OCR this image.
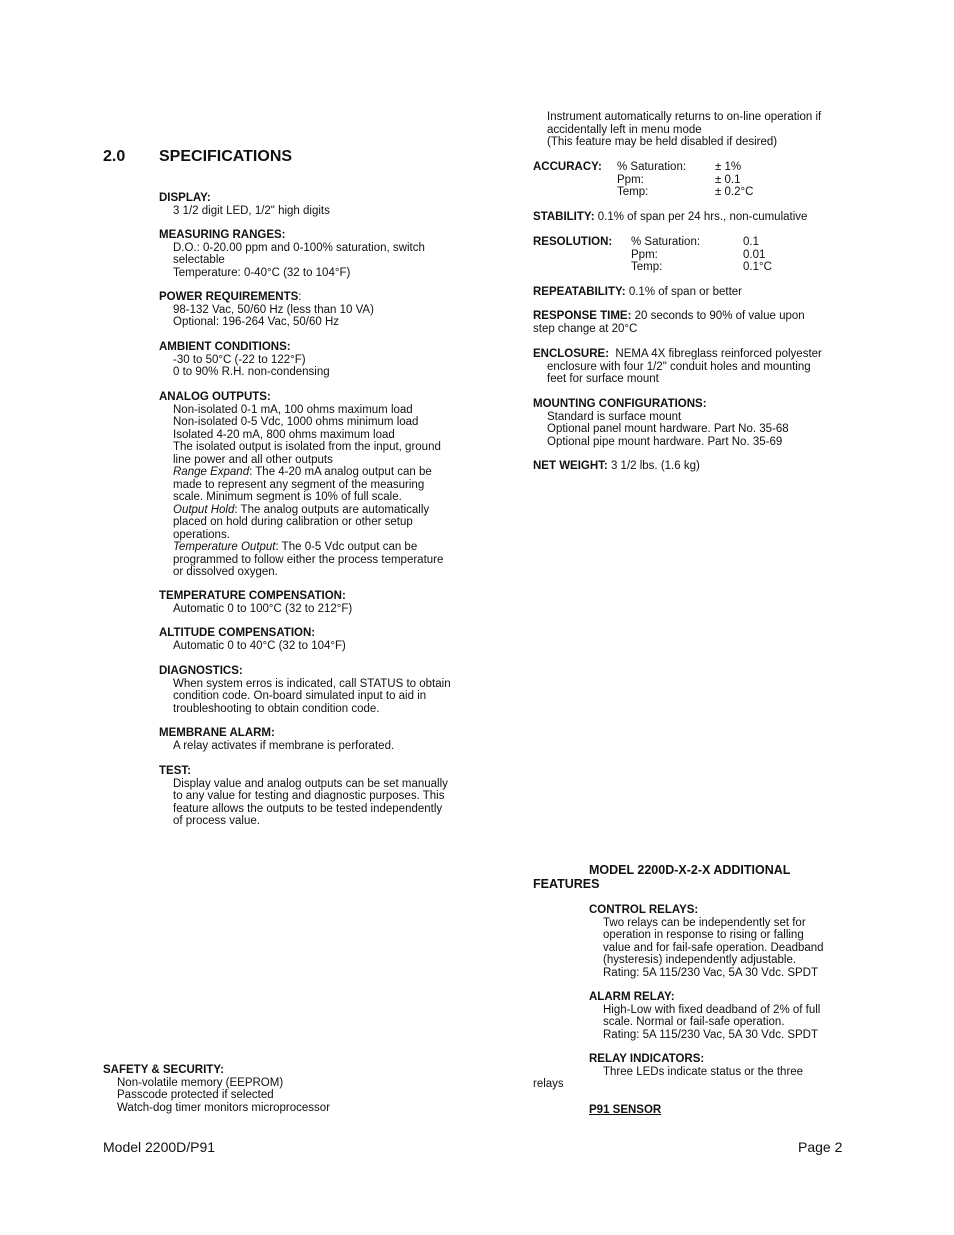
2.0 SPECIFICATIONS
DISPLAY:
3 1/2 digit LED, 1/2" high digits
MEASURING RANGES:
D.O.: 0-20.00 ppm and 0-100% saturation, switch
selectable
Temperature: 0-40°C (32 to 104°F)
POWER REQUIREMENTS:
98-132 Vac, 50/60 Hz (less than 10 VA)
Optional: 196-264 Vac, 50/60 Hz
AMBIENT CONDITIONS:
-30 to 50°C (-22 to 122°F)
0 to 90% R.H. non-condensing
ANALOG OUTPUTS:
Non-isolated 0-1 mA, 100 ohms maximum load
Non-isolated 0-5 Vdc, 1000 ohms minimum load
Isolated 4-20 mA, 800 ohms maximum load
The isolated output is isolated from the input, ground
line power and all other outputs
Range Expand: The 4-20 mA analog output can be
made to represent any segment of the measuring
scale. Minimum segment is 10% of full scale.
Output Hold: The analog outputs are automatically
placed on hold during calibration or other setup
operations.
Temperature Output: The 0-5 Vdc output can be
programmed to follow either the process temperature
or dissolved oxygen.
TEMPERATURE COMPENSATION:
Automatic 0 to 100°C (32 to 212°F)
ALTITUDE COMPENSATION:
Automatic 0 to 40°C (32 to 104°F)
DIAGNOSTICS:
When system erros is indicated, call STATUS to obtain
condition code. On-board simulated input to aid in
troubleshooting to obtain condition code.
MEMBRANE ALARM:
A relay activates if membrane is perforated.
TEST:
Display value and analog outputs can be set manually
to any value for testing and diagnostic purposes. This
feature allows the outputs to be tested independently
of process value.
SAFETY & SECURITY:
Non-volatile memory (EEPROM)
Passcode protected if selected
Watch-dog timer monitors microprocessor
Instrument automatically returns to on-line operation if
accidentally left in menu mode
(This feature may be held disabled if desired)
ACCURACY: % Saturation:	± 1%
Ppm:	± 0.1
Temp:	± 0.2°C
STABILITY: 0.1% of span per 24 hrs., non-cumulative
RESOLUTION: % Saturation:	0.1
Ppm:	0.01
Temp:	0.1°C
REPEATABILITY: 0.1% of span or better
RESPONSE TIME: 20 seconds to 90% of value upon
step change at 20°C
ENCLOSURE: NEMA 4X fibreglass reinforced polyester
enclosure with four 1/2" conduit holes and mounting
feet for surface mount
MOUNTING CONFIGURATIONS:
Standard is surface mount
Optional panel mount hardware. Part No. 35-68
Optional pipe mount hardware. Part No. 35-69
NET WEIGHT: 3 1/2 lbs. (1.6 kg)
MODEL 2200D-X-2-X ADDITIONAL
FEATURES
CONTROL RELAYS:
Two relays can be independently set for
operation in response to rising or falling
value and for fail-safe operation. Deadband
(hysteresis) independently adjustable.
Rating: 5A 115/230 Vac, 5A 30 Vdc. SPDT
ALARM RELAY:
High-Low with fixed deadband of 2% of full
scale. Normal or fail-safe operation.
Rating: 5A 115/230 Vac, 5A 30 Vdc. SPDT
RELAY INDICATORS:
Three LEDs indicate status or the three
relays
P91 SENSOR
Model 2200D/P91	Page 2
